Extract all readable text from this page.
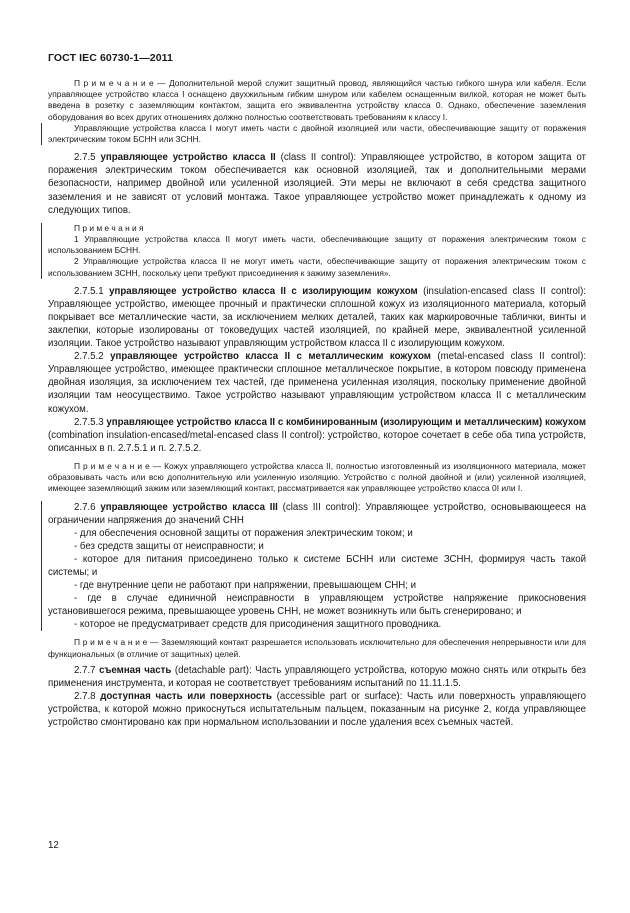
ГОСТ IEC 60730-1—2011

П р и м е ч а н и е — Дополнительной мерой служит защитный провод, являющийся частью гибкого шнура или кабеля. Если управляющее устройство класса I оснащено двухжильным гибким шнуром или кабелем оснащенным вилкой, которая не может быть введена в розетку с заземляющим контактом, защита его эквивалентна устройству класса 0. Однако, обеспечение заземления оборудования во всех других отношениях должно полностью соответствовать требованиям к классу I.

Управляющие устройства класса I могут иметь части с двойной изоляцией или части, обеспечивающие защиту от поражения электрическим током БСНН или ЗСНН.

2.7.5 управляющее устройство класса II (class II control): Управляющее устройство, в котором защита от поражения электрическим током обеспечивается как основной изоляцией, так и дополнительными мерами безопасности, например двойной или усиленной изоляцией. Эти меры не включают в себя средства защитного заземления и не зависят от условий монтажа. Такое управляющее устройство может принадлежать к одному из следующих типов.

П р и м е ч а н и я

1 Управляющие устройства класса II могут иметь части, обеспечивающие защиту от поражения электрическим током с использованием БСНН.

2 Управляющие устройства класса II не могут иметь части, обеспечивающие защиту от поражения электрическим током с использованием ЗСНН, поскольку цепи требуют присоединения к зажиму заземления».

2.7.5.1 управляющее устройство класса II с изолирующим кожухом (insulation-encased class II control): Управляющее устройство, имеющее прочный и практически сплошной кожух из изоляционного материала, который покрывает все металлические части, за исключением мелких деталей, таких как маркировочные таблички, винты и заклепки, которые изолированы от токоведущих частей изоляцией, по крайней мере, эквивалентной усиленной изоляции. Такое устройство называют управляющим устройством класса II с изолирующим кожухом.

2.7.5.2 управляющее устройство класса II с металлическим кожухом (metal-encased class II control): Управляющее устройство, имеющее практически сплошное металлическое покрытие, в котором повсюду применена двойная изоляция, за исключением тех частей, где применена усиленная изоляция, поскольку применение двойной изоляции там неосуществимо. Такое устройство называют управляющим устройством класса II с металлическим кожухом.

2.7.5.3 управляющее устройство класса II с комбинированным (изолирующим и металлическим) кожухом (combination insulation-encased/metal-encased class II control): устройство, которое сочетает в себе оба типа устройств, описанных в п. 2.7.5.1 и п. 2.7.5.2.

П р и м е ч а н и е — Кожух управляющего устройства класса II, полностью изготовленный из изоляционного материала, может образовывать часть или всю дополнительную или усиленную изоляцию. Устройство с полной двойной и (или) усиленной изоляцией, имеющее заземляющий зажим или заземляющий контакт, рассматривается как управляющее устройство класса 0I или I.

2.7.6 управляющее устройство класса III (class III control): Управляющее устройство, основывающееся на ограничении напряжения до значений СНН

- для обеспечения основной защиты от поражения электрическим током; и

- без средств защиты от неисправности; и

- которое для питания присоединено только к системе БСНН или системе ЗСНН, формируя часть такой системы; и

- где внутренние цепи не работают при напряжении, превышающем СНН; и

- где в случае единичной неисправности в управляющем устройстве напряжение прикосновения установившегося режима, превышающее уровень СНН, не может возникнуть или быть сгенерировано; и

- которое не предусматривает средств для присодинения защитного проводника.

П р и м е ч а н и е — Заземляющий контакт разрешается использовать исключительно для обеспечения непрерывности или для функциональных (в отличие от защитных) целей.

2.7.7 съемная часть (detachable part): Часть управляющего устройства, которую можно снять или открыть без применения инструмента, и которая не соответствует требованиям испытаний по 11.11.1.5.

2.7.8 доступная часть или поверхность (accessible part or surface): Часть или поверхность управляющего устройства, к которой можно прикоснуться испытательным пальцем, показанным на рисунке 2, когда управляющее устройство смонтировано как при нормальном использовании и после удаления всех съемных частей.

12
